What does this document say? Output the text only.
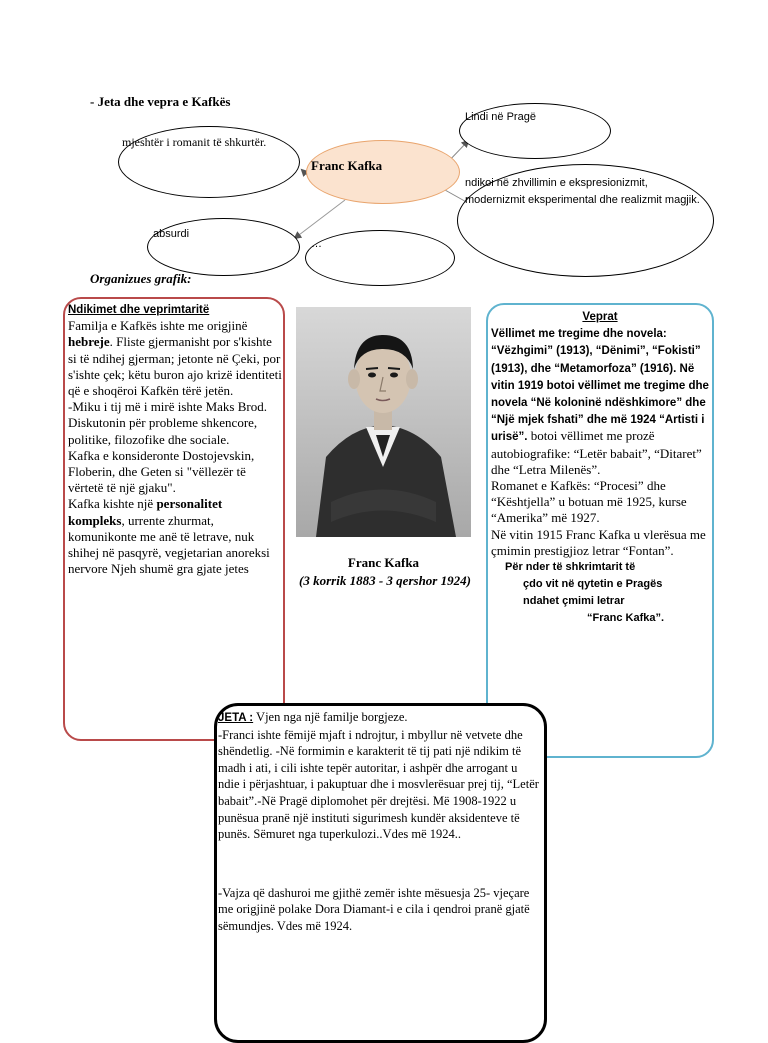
- Jeta dhe vepra e Kafkës
mjeshtër i romanit të shkurtër.
Franc Kafka
Lindi në Pragë
ndikoi në zhvillimin e ekspresionizmit, modernizmit eksperimental dhe realizmit magjik.
absurdi
…
Organizues grafik:
Ndikimet dhe veprimtaritë
Familja e Kafkës ishte me origjinë hebreje. Fliste gjermanisht por s'kishte si të ndihej gjerman; jetonte në Çeki, por s'ishte çek; këtu buron ajo krizë identiteti që e shoqëroi Kafkën tërë jetën.
-Miku i tij më i mirë ishte Maks Brod. Diskutonin për probleme shkencore, politike, filozofike dhe sociale.
Kafka e konsideronte Dostojevskin, Floberin, dhe Geten si "vëllezër të vërtetë të një gjaku".
Kafka kishte një personalitet kompleks, urrente zhurmat, komunikonte me anë të letrave, nuk shihej në pasqyrë, vegjetarian anoreksi nervore Njeh shumë gra gjate jetes	Franc Kafka
(3 korrik 1883 - 3 qershor 1924)
Veprat
Vëllimet me tregime dhe novela: “Vëzhgimi” (1913), “Dënimi”, “Fokisti” (1913), dhe “Metamorfoza” (1916). Në vitin 1919 botoi vëllimet me tregime dhe novela “Në koloninë ndëshkimore” dhe “Një mjek fshati” dhe më 1924 “Artisti i urisë”. botoi vëllimet me prozë autobiografike: “Letër babait”, “Ditaret” dhe “Letra Milenës”.
Romanet e Kafkës: “Procesi” dhe “Kështjella” u botuan më 1925, kurse “Amerika” më 1927.
Në vitin 1915 Franc Kafka u vlerësua me çmimin prestigjioz letrar “Fontan”.
Për nder të shkrimtarit të
çdo vit në qytetin e Pragës
ndahet çmimi letrar
“Franc Kafka”.
JETA : Vjen nga një familje borgjeze.
-Franci ishte fëmijë mjaft i ndrojtur, i mbyllur në vetvete dhe shëndetlig. -Në formimin e karakterit të tij pati një ndikim të madh i ati, i cili ishte tepër autoritar, i ashpër dhe arrogant u ndie i përjashtuar, i pakuptuar dhe i mosvlerësuar prej tij, “Letër babait”.-Në Pragë diplomohet për drejtësi. Më 1908-1922 u punësua pranë një instituti sigurimesh kundër aksidenteve të punës. Sëmuret nga tuperkulozi..Vdes më 1924..
-Vajza që dashuroi me gjithë zemër ishte mësuesja 25- vjeçare me origjinë polake Dora Diamant-i e cila i qendroi pranë gjatë sëmundjes. Vdes më 1924.
